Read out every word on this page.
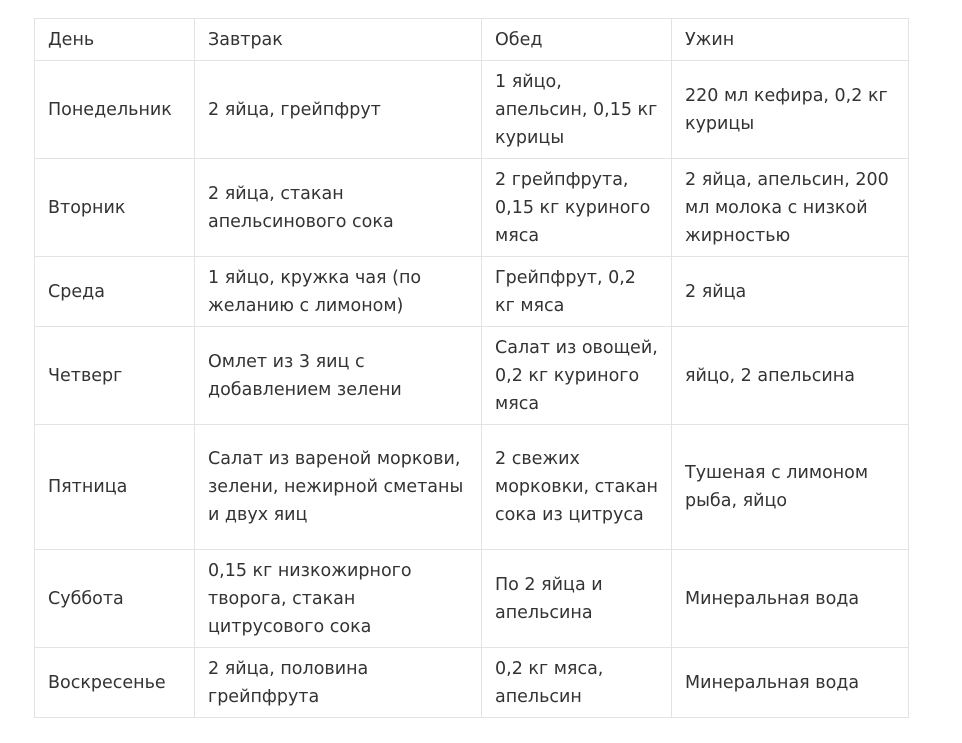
День	Завтрак	Обед	Ужин
Понедельник	2 яйца, грейпфрут	1 яйцо, апельсин, 0,15 кг курицы	220 мл кефира, 0,2 кг курицы
Вторник	2 яйца, стакан апельсинового сока	2 грейпфрута, 0,15 кг куриного мяса	2 яйца, апельсин, 200 мл молока с низкой жирностью
Среда	1 яйцо, кружка чая (по желанию с лимоном)	Грейпфрут, 0,2 кг мяса	2 яйца
Четверг	Омлет из 3 яиц с добавлением зелени	Салат из овощей, 0,2 кг куриного мяса	яйцо, 2 апельсина
Пятница	Салат из вареной моркови, зелени, нежирной сметаны и двух яиц	2 свежих морковки, стакан сока из цитруса	Тушеная с лимоном рыба, яйцо
Суббота	0,15 кг низкожирного творога, стакан цитрусового сока	По 2 яйца и апельсина	Минеральная вода
Воскресенье	2 яйца, половина грейпфрута	0,2 кг мяса, апельсин	Минеральная вода
